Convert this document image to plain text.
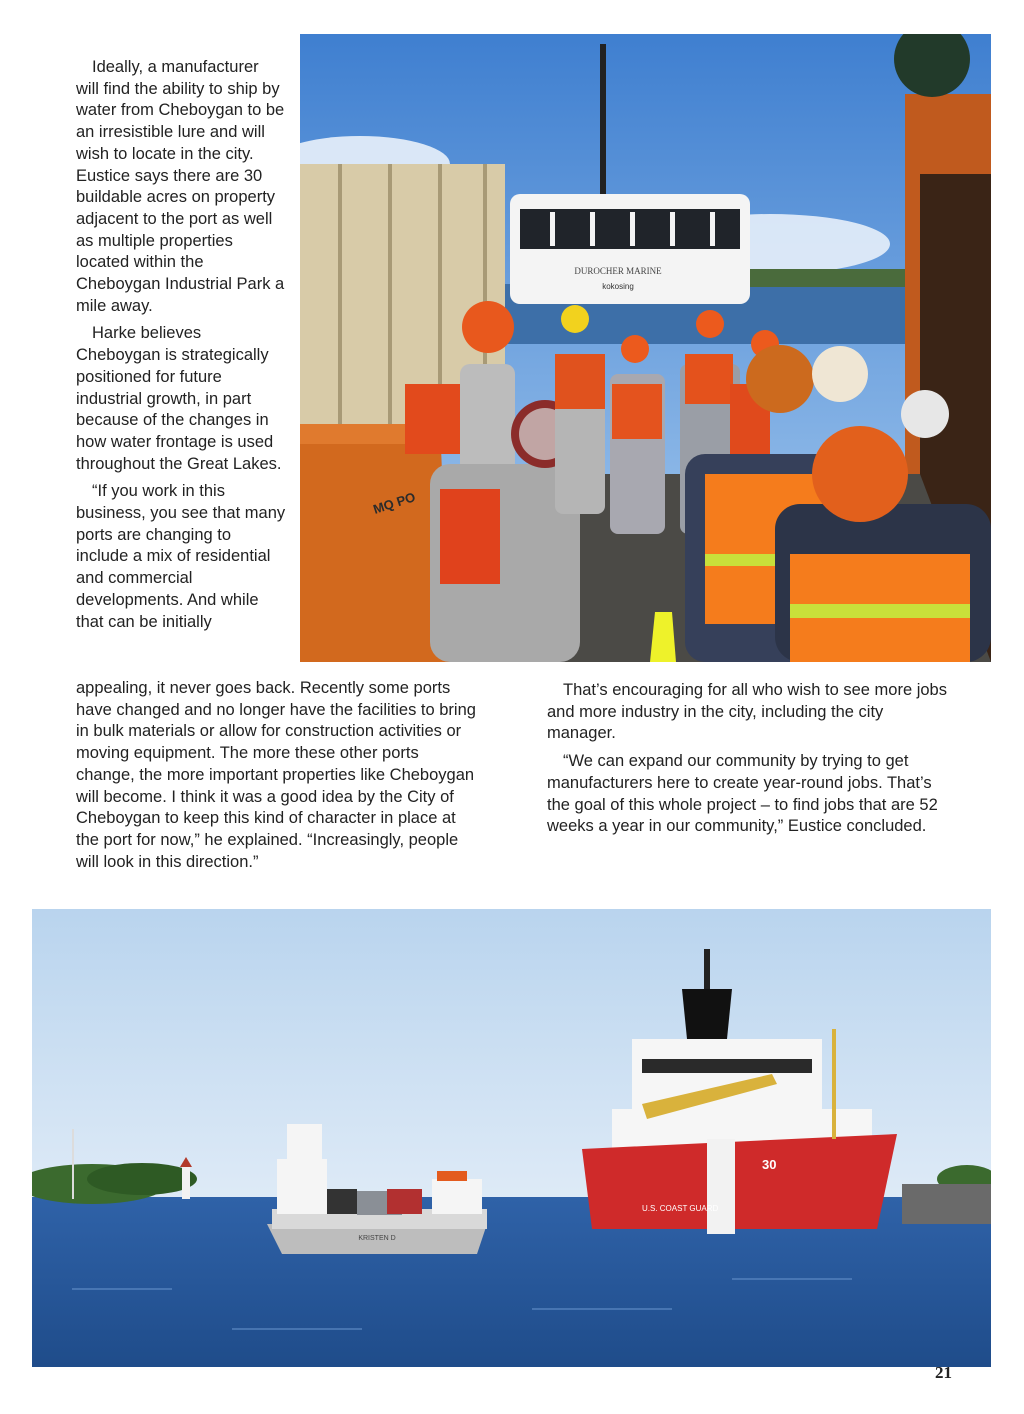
Ideally, a manufacturer will find the ability to ship by water from Cheboygan to be an irresistible lure and will wish to locate in the city. Eustice says there are 30 buildable acres on property adjacent to the port as well as multiple properties located within the Cheboygan Industrial Park a mile away.

Harke believes Cheboygan is strategically positioned for future industrial growth, in part because of the changes in how water frontage is used throughout the Great Lakes.

“If you work in this business, you see that many ports are changing to include a mix of residential and commercial developments. And while that can be initially

appealing, it never goes back. Recently some ports have changed and no longer have the facilities to bring in bulk materials or allow for construction activities or moving equipment. The more these other ports change, the more important properties like Cheboygan will become. I think it was a good idea by the City of Cheboygan to keep this kind of character in place at the port for now,” he explained. “Increasingly, people will look in this direction.”

That’s encouraging for all who wish to see more jobs and more industry in the city, including the city manager.

“We can expand our community by trying to get manufacturers here to create year-round jobs. That’s the goal of this whole project – to find jobs that are 52 weeks a year in our community,” Eustice concluded.

DUROCHER MARINE
kokosing
MQ PO
KRISTEN D
30
U.S. COAST GUARD
21
